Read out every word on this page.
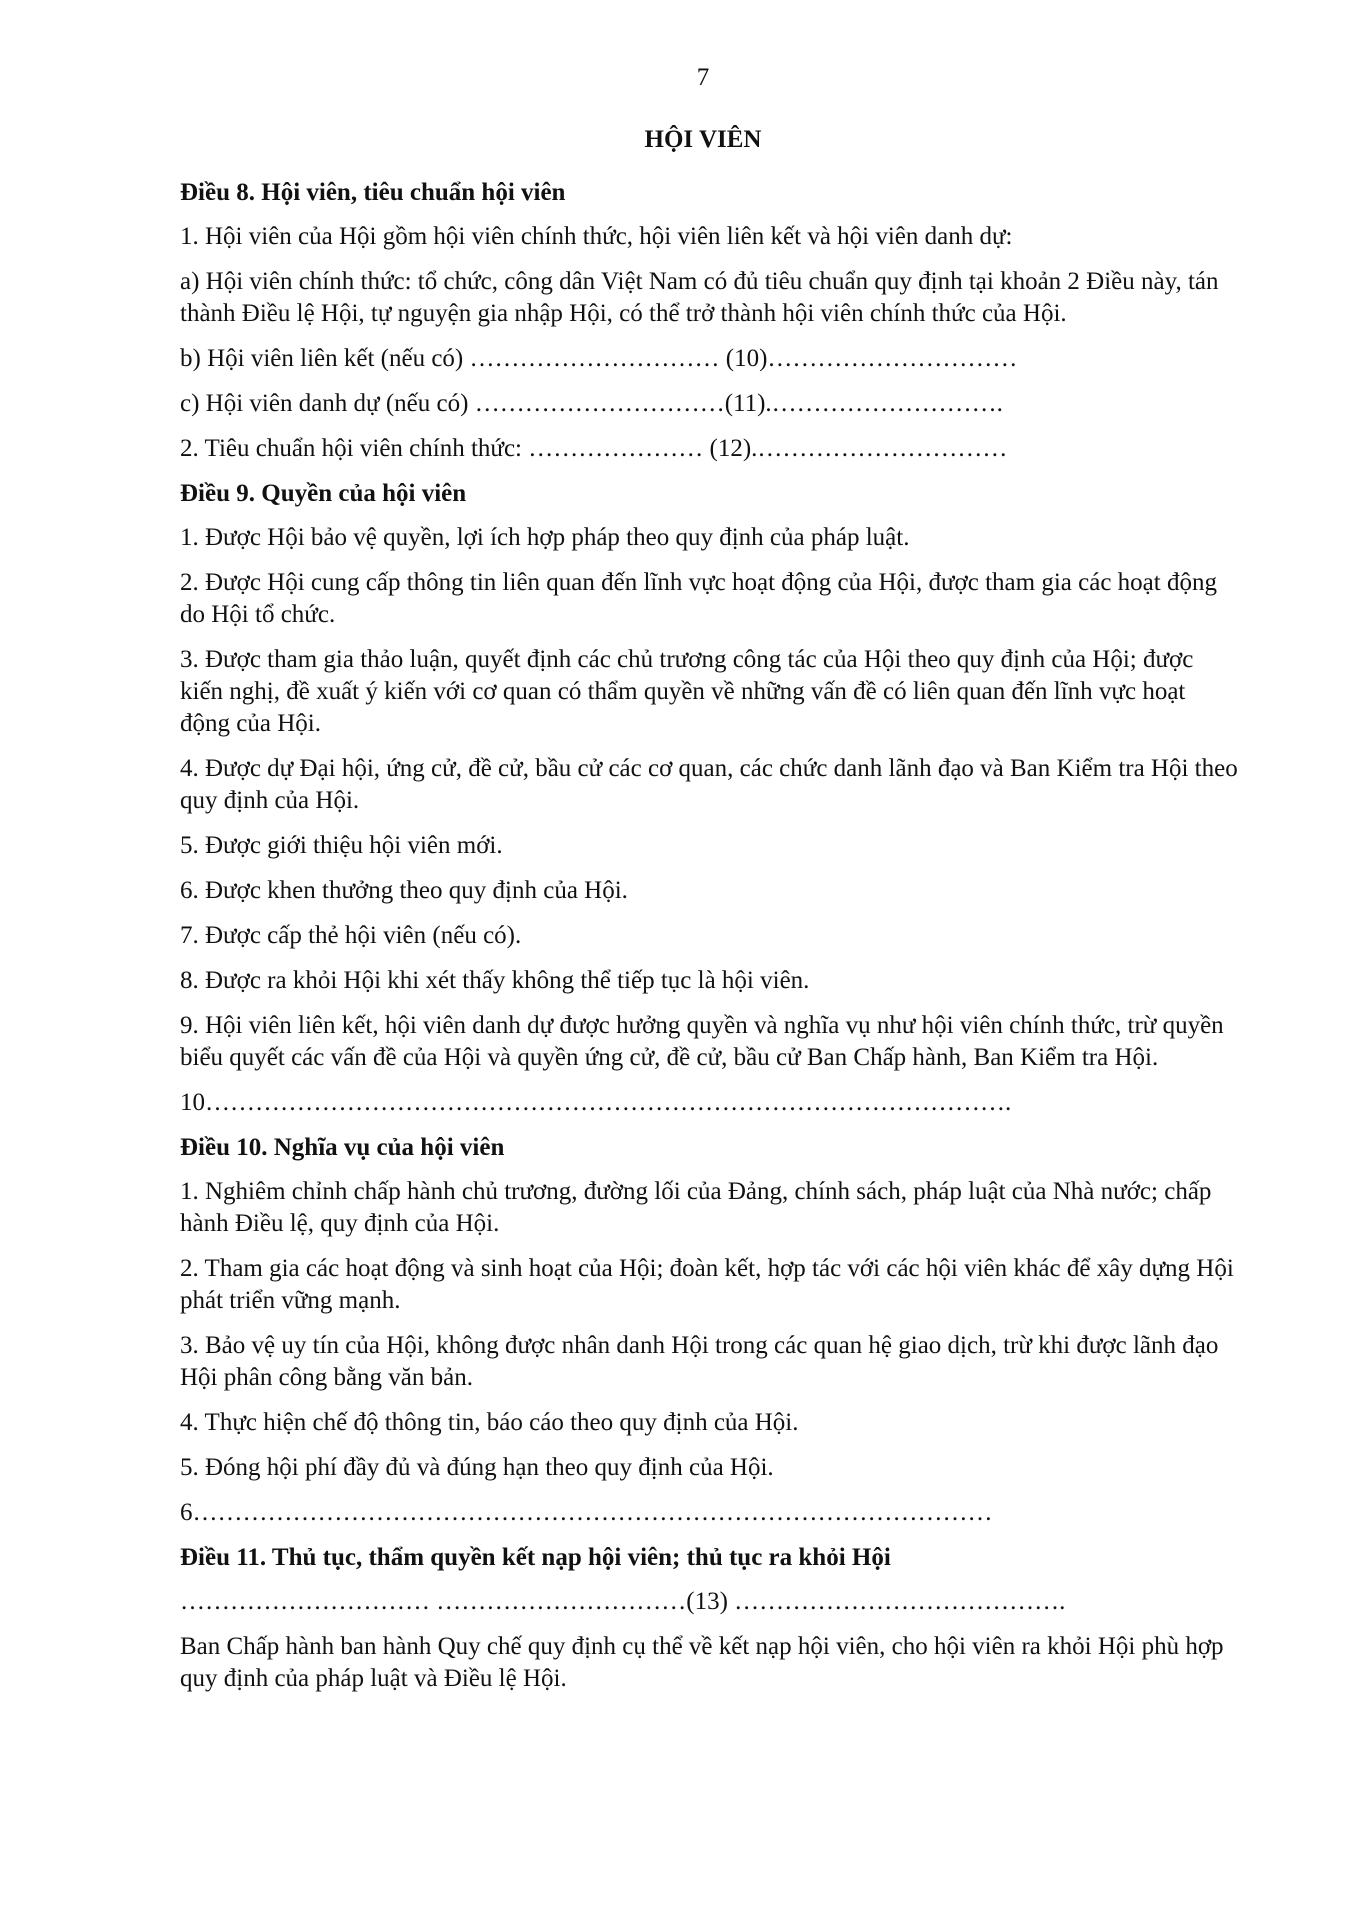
7
HỘI VIÊN

Điều 8. Hội viên, tiêu chuẩn hội viên

1. Hội viên của Hội gồm hội viên chính thức, hội viên liên kết và hội viên danh dự:

a) Hội viên chính thức: tổ chức, công dân Việt Nam có đủ tiêu chuẩn quy định tại khoản 2 Điều này, tán thành Điều lệ Hội, tự nguyện gia nhập Hội, có thể trở thành hội viên chính thức của Hội.

b) Hội viên liên kết (nếu có) ………………………… (10)…………………………

c) Hội viên danh dự (nếu có) …………………………(11).……………………….

2. Tiêu chuẩn hội viên chính thức: ………………… (12).…………………………

Điều 9. Quyền của hội viên

1. Được Hội bảo vệ quyền, lợi ích hợp pháp theo quy định của pháp luật.

2. Được Hội cung cấp thông tin liên quan đến lĩnh vực hoạt động của Hội, được tham gia các hoạt động do Hội tổ chức.

3. Được tham gia thảo luận, quyết định các chủ trương công tác của Hội theo quy định của Hội; được kiến nghị, đề xuất ý kiến với cơ quan có thẩm quyền về những vấn đề có liên quan đến lĩnh vực hoạt động của Hội.

4. Được dự Đại hội, ứng cử, đề cử, bầu cử các cơ quan, các chức danh lãnh đạo và Ban Kiểm tra Hội theo quy định của Hội.

5. Được giới thiệu hội viên mới.

6. Được khen thưởng theo quy định của Hội.

7. Được cấp thẻ hội viên (nếu có).

8. Được ra khỏi Hội khi xét thấy không thể tiếp tục là hội viên.

9. Hội viên liên kết, hội viên danh dự được hưởng quyền và nghĩa vụ như hội viên chính thức, trừ quyền biểu quyết các vấn đề của Hội và quyền ứng cử, đề cử, bầu cử Ban Chấp hành, Ban Kiểm tra Hội.

10…………………………………………………………………………………….

Điều 10. Nghĩa vụ của hội viên

1. Nghiêm chỉnh chấp hành chủ trương, đường lối của Đảng, chính sách, pháp luật của Nhà nước; chấp hành Điều lệ, quy định của Hội.

2. Tham gia các hoạt động và sinh hoạt của Hội; đoàn kết, hợp tác với các hội viên khác để xây dựng Hội phát triển vững mạnh.

3. Bảo vệ uy tín của Hội, không được nhân danh Hội trong các quan hệ giao dịch, trừ khi được lãnh đạo Hội phân công bằng văn bản.

4. Thực hiện chế độ thông tin, báo cáo theo quy định của Hội.

5. Đóng hội phí đầy đủ và đúng hạn theo quy định của Hội.

6……………………………………………………………………………………

Điều 11. Thủ tục, thẩm quyền kết nạp hội viên; thủ tục ra khỏi Hội

………………………… …………………………(13) ………………………………….

Ban Chấp hành ban hành Quy chế quy định cụ thể về kết nạp hội viên, cho hội viên ra khỏi Hội phù hợp quy định của pháp luật và Điều lệ Hội.
